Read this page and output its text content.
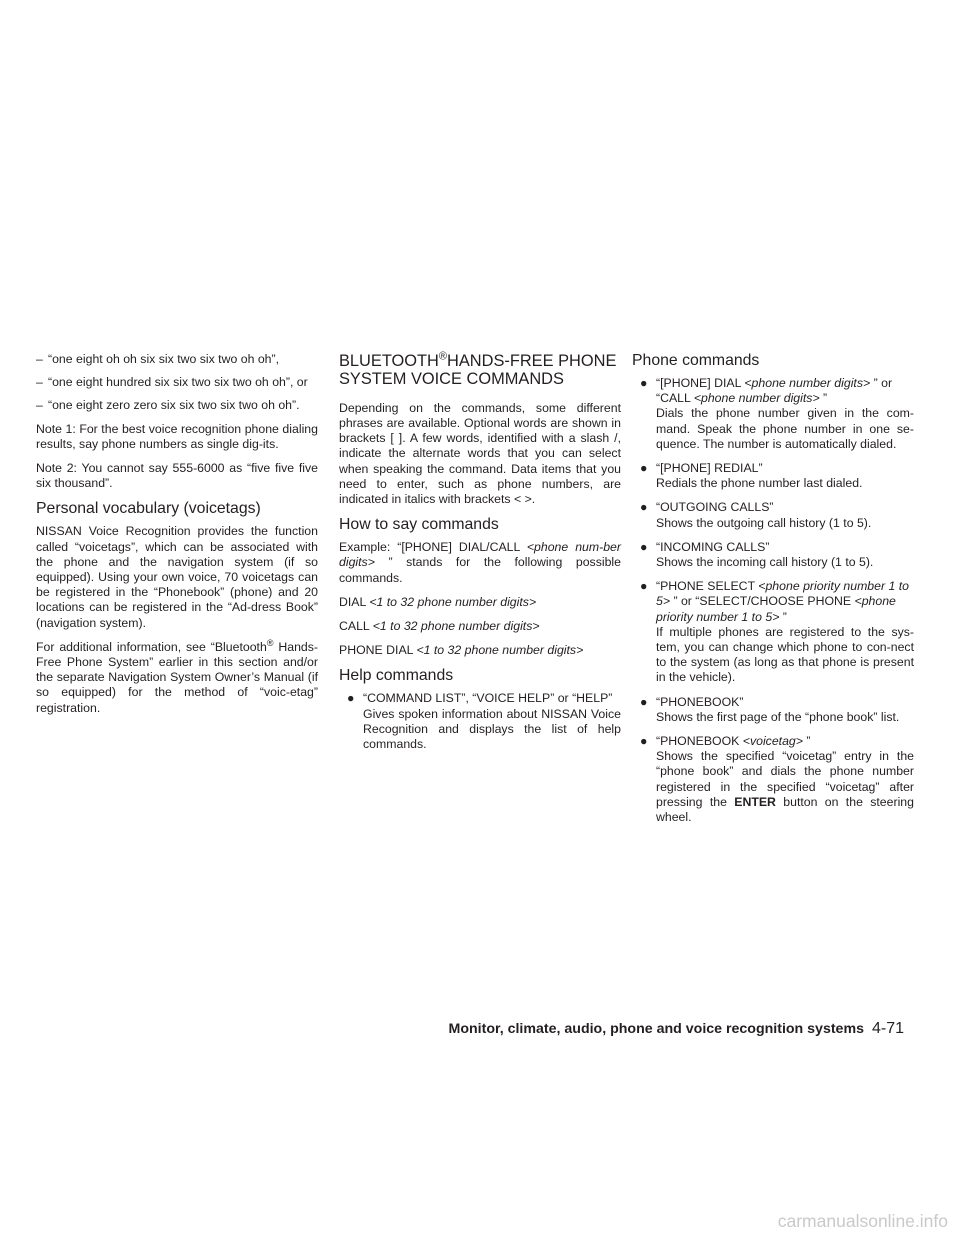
– “one eight oh oh six six two six two oh oh”,

– “one eight hundred six six two six two oh oh”, or

– “one eight zero zero six six two six two oh oh”.

Note 1: For the best voice recognition phone dialing results, say phone numbers as single dig-its.

Note 2: You cannot say 555-6000 as “five five five six thousand”.

Personal vocabulary (voicetags)

NISSAN Voice Recognition provides the function called “voicetags”, which can be associated with the phone and the navigation system (if so equipped). Using your own voice, 70 voicetags can be registered in the “Phonebook” (phone) and 20 locations can be registered in the “Ad-dress Book” (navigation system).

For additional information, see “Bluetooth® Hands-Free Phone System” earlier in this section and/or the separate Navigation System Owner’s Manual (if so equipped) for the method of “voic-etag” registration.

BLUETOOTH®HANDS-FREE PHONE SYSTEM VOICE COMMANDS

Depending on the commands, some different phrases are available. Optional words are shown in brackets [ ]. A few words, identified with a slash /, indicate the alternate words that you can select when speaking the command. Data items that you need to enter, such as phone numbers, are indicated in italics with brackets < >.

How to say commands

Example: “[PHONE] DIAL/CALL <phone num-ber digits> ” stands for the following possible commands.

DIAL <1 to 32 phone number digits>

CALL <1 to 32 phone number digits>

PHONE DIAL <1 to 32 phone number digits>

Help commands
● “COMMAND LIST”, “VOICE HELP” or “HELP”
Gives spoken information about NISSAN Voice Recognition and displays the list of help commands.
Phone commands
● “[PHONE] DIAL <phone number digits> ” or “CALL <phone number digits> ”
Dials the phone number given in the com-mand. Speak the phone number in one se-quence. The number is automatically dialed.
● “[PHONE] REDIAL”
Redials the phone number last dialed.
● “OUTGOING CALLS”
Shows the outgoing call history (1 to 5).
● “INCOMING CALLS”
Shows the incoming call history (1 to 5).
● “PHONE SELECT <phone priority number 1 to 5> ” or “SELECT/CHOOSE PHONE <phone priority number 1 to 5> ”
If multiple phones are registered to the sys-tem, you can change which phone to con-nect to the system (as long as that phone is present in the vehicle).
● “PHONEBOOK”
Shows the first page of the “phone book” list.
● “PHONEBOOK <voicetag> ”
Shows the specified “voicetag” entry in the “phone book” and dials the phone number registered in the specified “voicetag” after pressing the ENTER button on the steering wheel.
Monitor, climate, audio, phone and voice recognition systems 4-71
carmanualsonline.info
